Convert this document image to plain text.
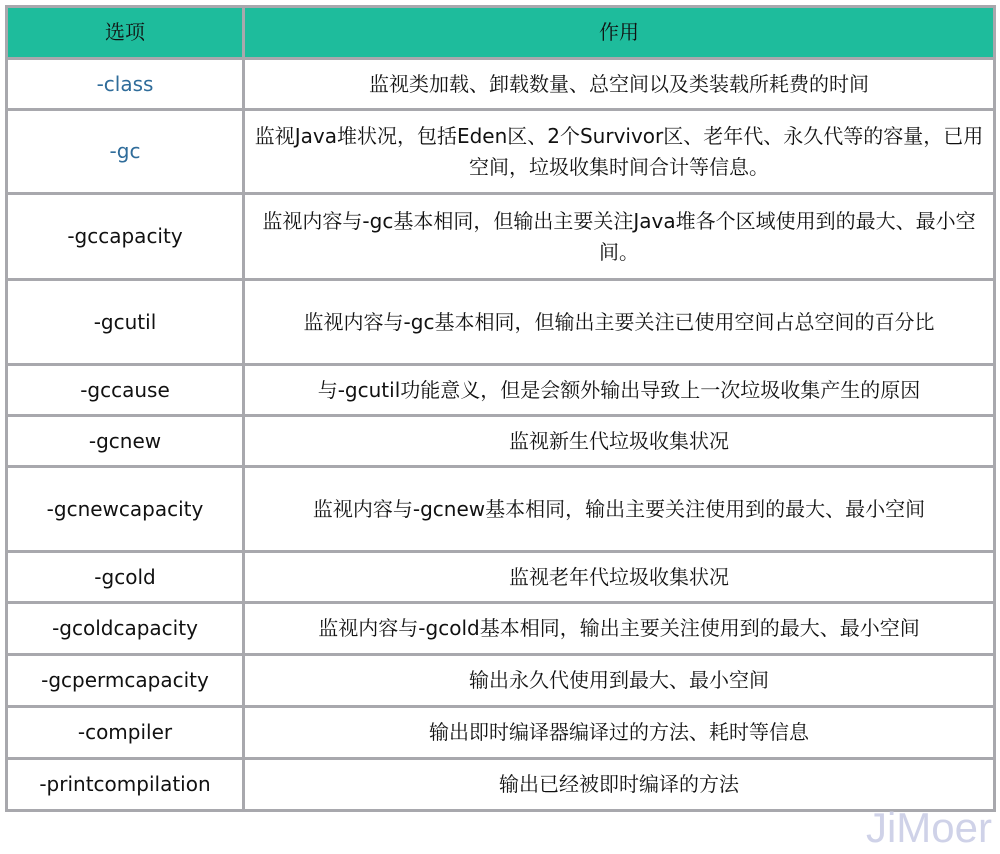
选项	作用
-class	监视类加载、卸载数量、总空间以及类装载所耗费的时间
-gc	监视Java堆状况，包括Eden区、2个Survivor区、老年代、永久代等的容量，已用空间，垃圾收集时间合计等信息。
-gccapacity	监视内容与-gc基本相同，但输出主要关注Java堆各个区域使用到的最大、最小空间。
-gcutil	监视内容与-gc基本相同，但输出主要关注已使用空间占总空间的百分比
-gccause	与-gcutil功能意义，但是会额外输出导致上一次垃圾收集产生的原因
-gcnew	监视新生代垃圾收集状况
-gcnewcapacity	监视内容与-gcnew基本相同，输出主要关注使用到的最大、最小空间
-gcold	监视老年代垃圾收集状况
-gcoldcapacity	监视内容与-gcold基本相同，输出主要关注使用到的最大、最小空间
-gcpermcapacity	输出永久代使用到最大、最小空间
-compiler	输出即时编译器编译过的方法、耗时等信息
-printcompilation	输出已经被即时编译的方法
JiMoer
